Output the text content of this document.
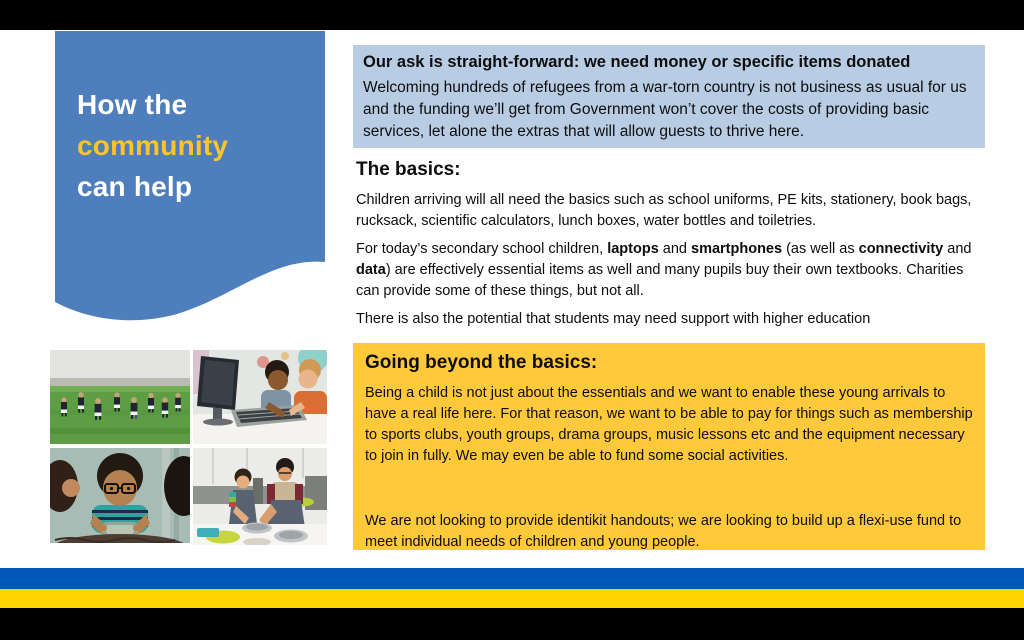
How the
community
can help
Our ask is straight-forward: we need money or specific items donated
Welcoming hundreds of refugees from a war-torn country is not business as usual for us and the funding we’ll get from Government won’t cover the costs of providing basic services, let alone the extras that will allow guests to thrive here.
The basics:

Children arriving will all need the basics such as school uniforms, PE kits, stationery, book bags, rucksack, scientific calculators, lunch boxes, water bottles and toiletries.

For today’s secondary school children, laptops and smartphones (as well as connectivity and data) are effectively essential items as well and many pupils buy their own textbooks. Charities can provide some of these things, but not all.

There is also the potential that students may need support with higher education

Going beyond the basics:

Being a child is not just about the essentials and we want to enable these young arrivals to have a real life here. For that reason, we want to be able to pay for things such as membership to sports clubs, youth groups, drama groups, music lessons etc and the equipment necessary to join in fully. We may even be able to fund some social activities.

We are not looking to provide identikit handouts; we are looking to build up a flexi-use fund to meet individual needs of children and young people.
